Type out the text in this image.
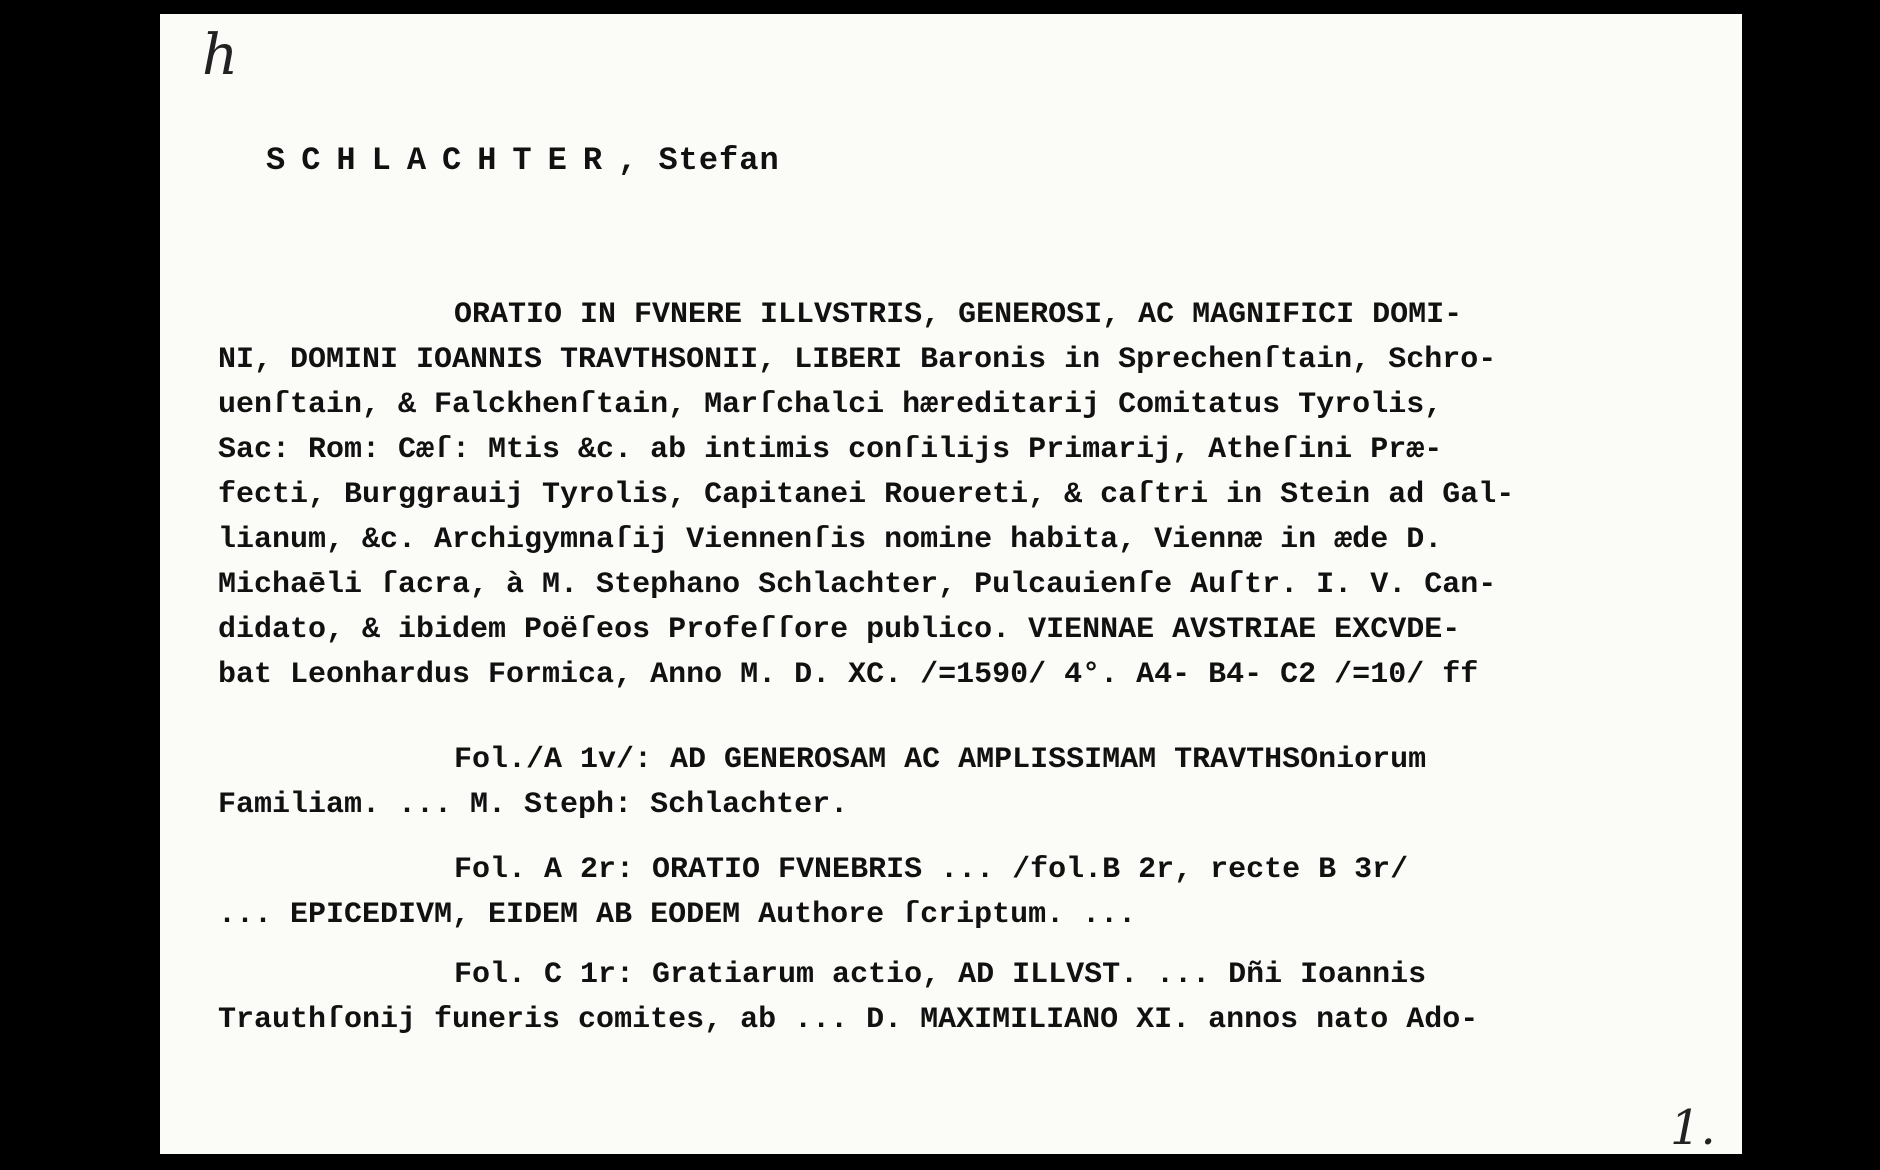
h
SCHLACHTER, Stefan
ORATIO IN FVNERE ILLVSTRIS, GENEROSI, AC MAGNIFICI DOMI-
NI, DOMINI IOANNIS TRAVTHSONII, LIBERI Baronis in Sprechenſtain, Schro-
uenſtain, & Falckhenſtain, Marſchalci hæreditarij Comitatus Tyrolis,
Sac: Rom: Cæſ: Mtis &c. ab intimis conſilijs Primarij, Atheſini Præ-
fecti, Burggrauij Tyrolis, Capitanei Rouereti, & caſtri in Stein ad Gal-
lianum, &c. Archigymnaſij Viennenſis nomine habita, Viennæ in æde D.
Michaēli ſacra, à M. Stephano Schlachter, Pulcauienſe Auſtr. I. V. Can-
didato, & ibidem Poëſeos Profeſſore publico. VIENNAE AVSTRIAE EXCVDE-
bat Leonhardus Formica, Anno M. D. XC. /=1590/ 4°. A4- B4- C2 /=10/ ff
Fol./A 1v/: AD GENEROSAM AC AMPLISSIMAM TRAVTHSOniorum
Familiam. ... M. Steph: Schlachter.
Fol. A 2r: ORATIO FVNEBRIS ... /fol.B 2r, recte B 3r/
... EPICEDIVM, EIDEM AB EODEM Authore ſcriptum. ...
Fol. C 1r: Gratiarum actio, AD ILLVST. ... Dñi Ioannis
Trauthſonij funeris comites, ab ... D. MAXIMILIANO XI. annos nato Ado-
1.
